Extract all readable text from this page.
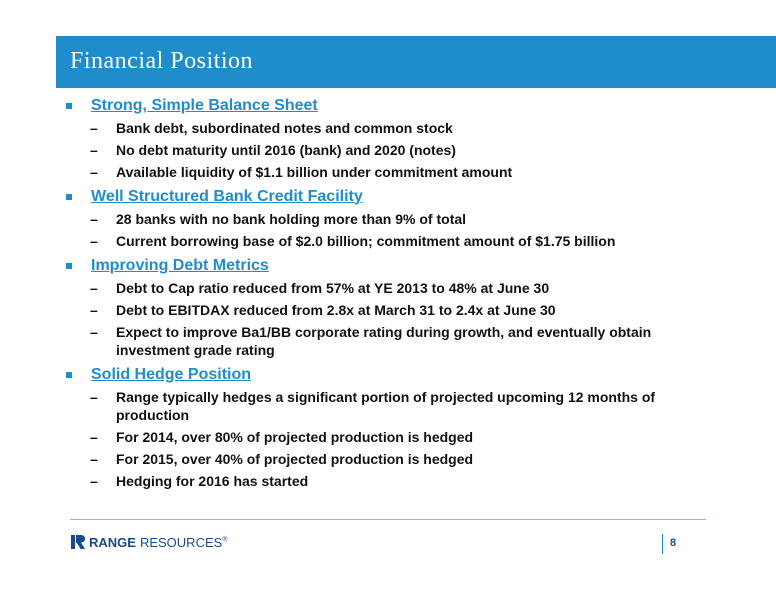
Financial Position
Strong, Simple Balance Sheet
–	Bank debt, subordinated notes and common stock
–	No debt maturity until 2016 (bank) and 2020 (notes)
–	Available liquidity of $1.1 billion under commitment amount
Well Structured Bank Credit Facility
–	28 banks with no bank holding more than 9% of total
–	Current borrowing base of $2.0 billion; commitment amount of $1.75 billion
Improving Debt Metrics
–	Debt to Cap ratio reduced from 57% at YE 2013 to 48% at June 30
–	Debt to EBITDAX reduced from 2.8x at March 31 to 2.4x at June 30
–	Expect to improve Ba1/BB corporate rating during growth, and eventually obtain investment grade rating
Solid Hedge Position
–	Range typically hedges a significant portion of projected upcoming 12 months of production
–	For 2014, over 80% of projected production is hedged
–	For 2015, over 40% of projected production is hedged
–	Hedging for 2016 has started
RANGE RESOURCES®	8
